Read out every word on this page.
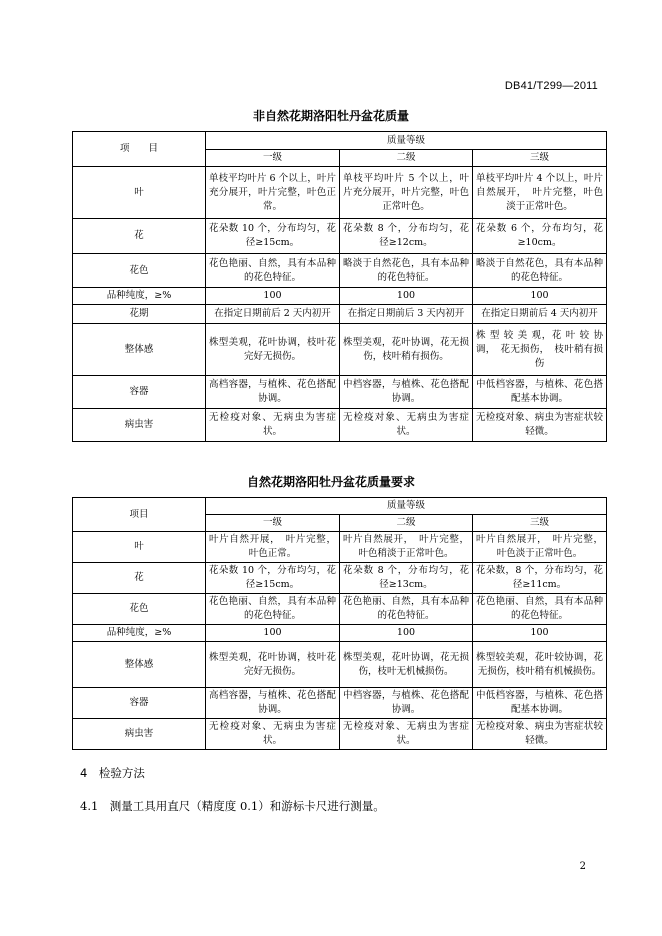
DB41/T299—2011
非自然花期洛阳牡丹盆花质量
项　　目	质量等级		
	一级	二级	三级
叶	单枝平均叶片 6 个以上，叶片充分展开，叶片完整，叶色正常。	单枝平均叶片 5 个以上，叶片充分展开，叶片完整，叶色正常叶色。	单枝平均叶片 4 个以上，叶片自然展开，　叶片完整，叶色淡于正常叶色。
花	花朵数 10 个，分布均匀，花径≥15cm。	花朵数 8 个，分布均匀，花径≥12cm。	花朵数 6 个，分布均匀，花≥10cm。
花色	花色艳丽、自然，具有本品种的花色特征。	略淡于自然花色，具有本品种的花色特征。	略淡于自然花色，具有本品种的花色特征。
品种纯度，≥%	100	100	100
花期	在指定日期前后 2 天内初开	在指定日期前后 3 天内初开	在指定日期前后 4 天内初开
整体感	株型美观，花叶协调，枝叶花完好无损伤。	株型美观，花叶协调，花无损伤，枝叶稍有损伤。	株 型 较 美 观，花 叶 较 协调，　花无损伤，　枝叶稍有损伤
容器	高档容器，与植株、花色搭配协调。	中档容器，与植株、花色搭配协调。	中低档容器，与植株、花色搭配基本协调。
病虫害	无检疫对象、无病虫为害症状。	无检疫对象、无病虫为害症状。	无检疫对象、病虫为害症状较轻微。
自然花期洛阳牡丹盆花质量要求
项目	质量等级		
	一级	二级	三级
叶	叶片自然开展，　叶片完整，叶色正常。	叶片自然展开，　叶片完整，叶色稍淡于正常叶色。	叶片自然展开，　叶片完整，叶色淡于正常叶色。
花	花朵数 10 个，分布均匀，花径≥15cm。	花朵数 8 个，分布均匀，花径≥13cm。	花朵数，8 个，分布均匀，花径≥11cm。
花色	花色艳丽、自然，具有本品种的花色特征。	花色艳丽、自然，具有本品种的花色特征。	花色艳丽、自然，具有本品种的花色特征。
品种纯度，≥%	100	100	100
整体感	株型美观，花叶协调，枝叶花完好无损伤。	株型美观，花叶协调，花无损伤，枝叶无机械损伤。	株型较美观，花叶较协调，花无损伤，枝叶稍有机械损伤。
容器	高档容器，与植株、花色搭配协调。	中档容器，与植株、花色搭配协调。	中低档容器，与植株、花色搭配基本协调。
病虫害	无检疫对象、无病虫为害症状。	无检疫对象、无病虫为害症状。	无检疫对象、病虫为害症状较轻微。
4　检验方法
4.1　测量工具用直尺（精度度 0.1）和游标卡尺进行测量。
2
